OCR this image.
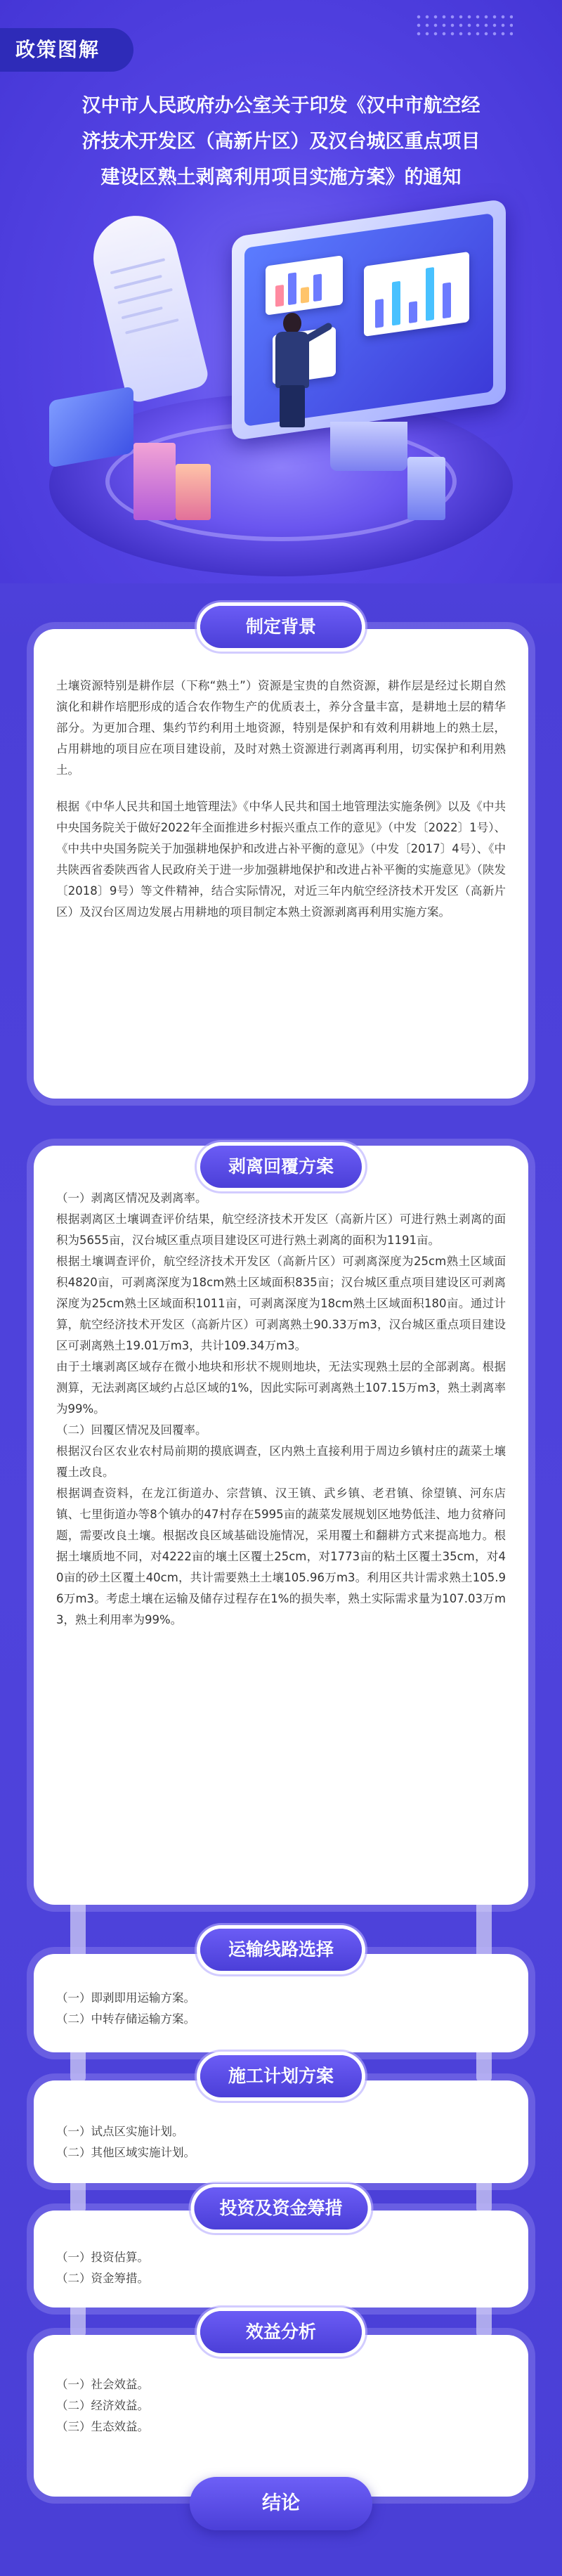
政策图解
汉中市人民政府办公室关于印发《汉中市航空经
济技术开发区（高新片区）及汉台城区重点项目
建设区熟土剥离利用项目实施方案》的通知

土壤资源特别是耕作层（下称“熟土”）资源是宝贵的自然资源，耕作层是经过长期自然演化和耕作培肥形成的适合农作物生产的优质表土，养分含量丰富，是耕地土层的精华部分。为更加合理、集约节约利用土地资源，特别是保护和有效利用耕地上的熟土层，占用耕地的项目应在项目建设前，及时对熟土资源进行剥离再利用，切实保护和利用熟土。

根据《中华人民共和国土地管理法》《中华人民共和国土地管理法实施条例》以及《中共中央国务院关于做好2022年全面推进乡村振兴重点工作的意见》（中发〔2022〕1号）、《中共中央国务院关于加强耕地保护和改进占补平衡的意见》（中发〔2017〕4号）、《中共陕西省委陕西省人民政府关于进一步加强耕地保护和改进占补平衡的实施意见》（陕发〔2018〕9号）等文件精神，结合实际情况，对近三年内航空经济技术开发区（高新片区）及汉台区周边发展占用耕地的项目制定本熟土资源剥离再利用实施方案。

制定背景

（一）剥离区情况及剥离率。

根据剥离区土壤调查评价结果，航空经济技术开发区（高新片区）可进行熟土剥离的面积为5655亩，汉台城区重点项目建设区可进行熟土剥离的面积为1191亩。

根据土壤调查评价，航空经济技术开发区（高新片区）可剥离深度为25cm熟土区域面积4820亩，可剥离深度为18cm熟土区域面积835亩；汉台城区重点项目建设区可剥离深度为25cm熟土区域面积1011亩，可剥离深度为18cm熟土区域面积180亩。通过计算，航空经济技术开发区（高新片区）可剥离熟土90.33万m3，汉台城区重点项目建设区可剥离熟土19.01万m3，共计109.34万m3。

由于土壤剥离区域存在微小地块和形状不规则地块，无法实现熟土层的全部剥离。根据测算，无法剥离区域约占总区域的1%，因此实际可剥离熟土107.15万m3，熟土剥离率为99%。

（二）回覆区情况及回覆率。

根据汉台区农业农村局前期的摸底调查，区内熟土直接利用于周边乡镇村庄的蔬菜土壤覆土改良。

根据调查资料，在龙江街道办、宗营镇、汉王镇、武乡镇、老君镇、徐望镇、河东店镇、七里街道办等8个镇办的47村存在5995亩的蔬菜发展规划区地势低洼、地力贫瘠问题，需要改良土壤。根据改良区域基础设施情况，采用覆土和翻耕方式来提高地力。根据土壤质地不同，对4222亩的壤土区覆土25cm，对1773亩的粘土区覆土35cm，对40亩的砂土区覆土40cm，共计需要熟土土壤105.96万m3。利用区共计需求熟土105.96万m3。考虑土壤在运输及储存过程存在1%的损失率，熟土实际需求量为107.03万m3，熟土利用率为99%。

剥离回覆方案
（一）即剥即用运输方案。
（二）中转存储运输方案。
运输线路选择
（一）试点区实施计划。
（二）其他区域实施计划。
施工计划方案
（一）投资估算。
（二）资金筹措。
投资及资金筹措
（一）社会效益。
（二）经济效益。
（三）生态效益。
效益分析
结论
